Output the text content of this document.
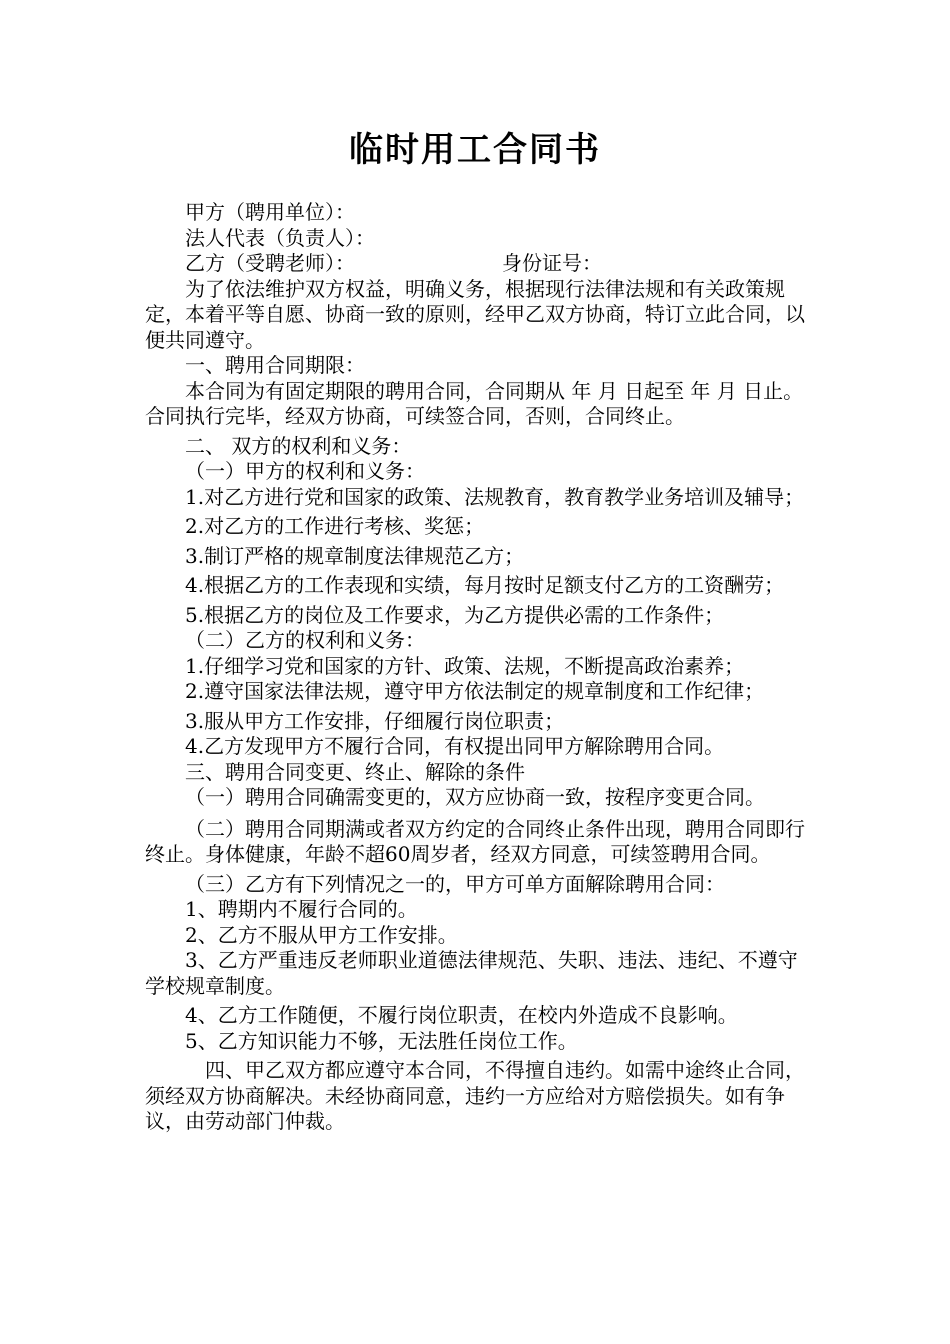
临时用工合同书

甲方（聘用单位）：

法人代表（负责人）：

乙方（受聘老师）：	身份证号：

为了依法维护双方权益，明确义务，根据现行法律法规和有关政策规定，本着平等自愿、协商一致的原则，经甲乙双方协商，特订立此合同，以便共同遵守。

一、聘用合同期限：

本合同为有固定期限的聘用合同，合同期从 年 月 日起至 年 月 日止。合同执行完毕，经双方协商，可续签合同，否则，合同终止。

二、 双方的权利和义务：

（一）甲方的权利和义务：

1.对乙方进行党和国家的政策、法规教育，教育教学业务培训及辅导；

2.对乙方的工作进行考核、奖惩；

3.制订严格的规章制度法律规范乙方；

4.根据乙方的工作表现和实绩，每月按时足额支付乙方的工资酬劳；

5.根据乙方的岗位及工作要求，为乙方提供必需的工作条件；

（二）乙方的权利和义务：

1.仔细学习党和国家的方针、政策、法规，不断提高政治素养；

2.遵守国家法律法规，遵守甲方依法制定的规章制度和工作纪律；

3.服从甲方工作安排，仔细履行岗位职责；

4.乙方发现甲方不履行合同，有权提出同甲方解除聘用合同。

三、聘用合同变更、终止、解除的条件

（一）聘用合同确需变更的，双方应协商一致，按程序变更合同。

（二）聘用合同期满或者双方约定的合同终止条件出现，聘用合同即行终止。身体健康，年龄不超60周岁者，经双方同意，可续签聘用合同。

（三）乙方有下列情况之一的，甲方可单方面解除聘用合同：

1、聘期内不履行合同的。

2、乙方不服从甲方工作安排。

3、乙方严重违反老师职业道德法律规范、失职、违法、违纪、不遵守学校规章制度。

4、乙方工作随便，不履行岗位职责，在校内外造成不良影响。

5、乙方知识能力不够，无法胜任岗位工作。

四、甲乙双方都应遵守本合同，不得擅自违约。如需中途终止合同，须经双方协商解决。未经协商同意，违约一方应给对方赔偿损失。如有争议，由劳动部门仲裁。
